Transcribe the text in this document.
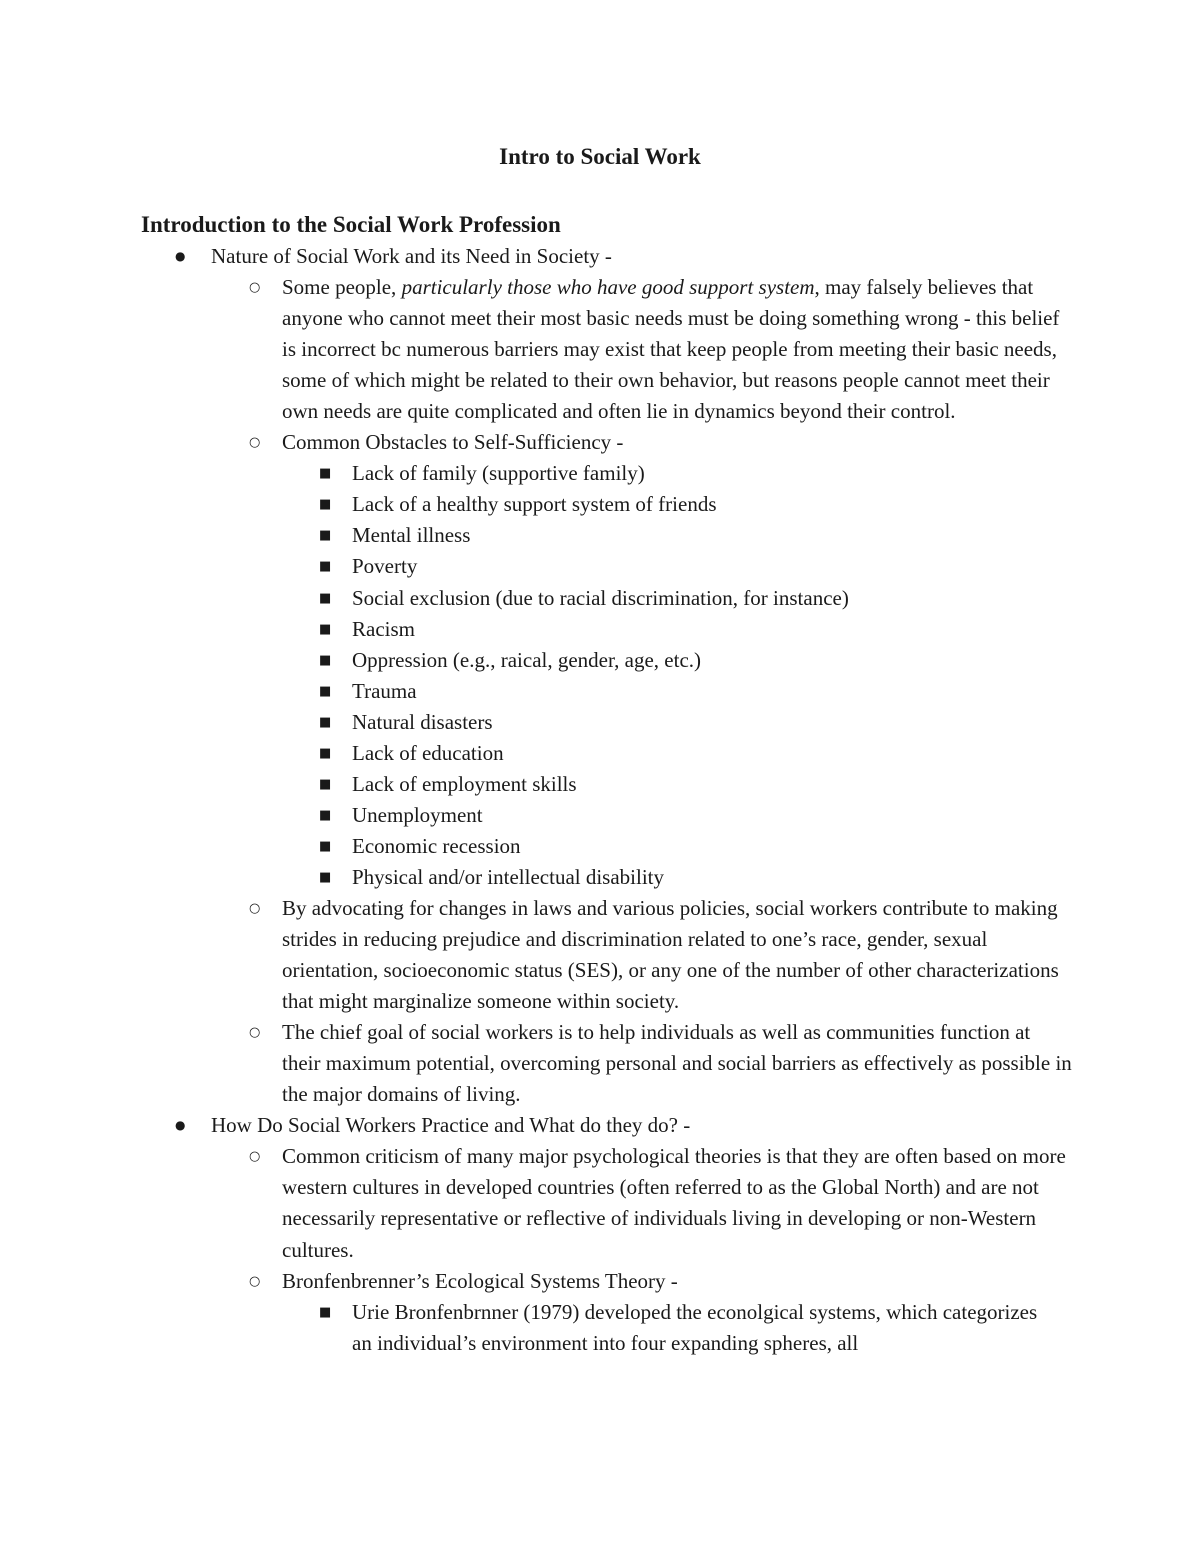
Intro to Social Work
Introduction to the Social Work Profession
● Nature of Social Work and its Need in Society -
○ Some people, particularly those who have good support system, may falsely believes that anyone who cannot meet their most basic needs must be doing something wrong - this belief is incorrect bc numerous barriers may exist that keep people from meeting their basic needs, some of which might be related to their own behavior, but reasons people cannot meet their own needs are quite complicated and often lie in dynamics beyond their control.
○ Common Obstacles to Self-Sufficiency -
■ Lack of family (supportive family)
■ Lack of a healthy support system of friends
■ Mental illness
■ Poverty
■ Social exclusion (due to racial discrimination, for instance)
■ Racism
■ Oppression (e.g., raical, gender, age, etc.)
■ Trauma
■ Natural disasters
■ Lack of education
■ Lack of employment skills
■ Unemployment
■ Economic recession
■ Physical and/or intellectual disability
○ By advocating for changes in laws and various policies, social workers contribute to making strides in reducing prejudice and discrimination related to one’s race, gender, sexual orientation, socioeconomic status (SES), or any one of the number of other characterizations that might marginalize someone within society.
○ The chief goal of social workers is to help individuals as well as communities function at their maximum potential, overcoming personal and social barriers as effectively as possible in the major domains of living.
● How Do Social Workers Practice and What do they do? -
○ Common criticism of many major psychological theories is that they are often based on more western cultures in developed countries (often referred to as the Global North) and are not necessarily representative or reflective of individuals living in developing or non-Western cultures.
○ Bronfenbrenner’s Ecological Systems Theory -
■ Urie Bronfenbrnner (1979) developed the econolgical systems, which categorizes an individual’s environment into four expanding spheres, all
